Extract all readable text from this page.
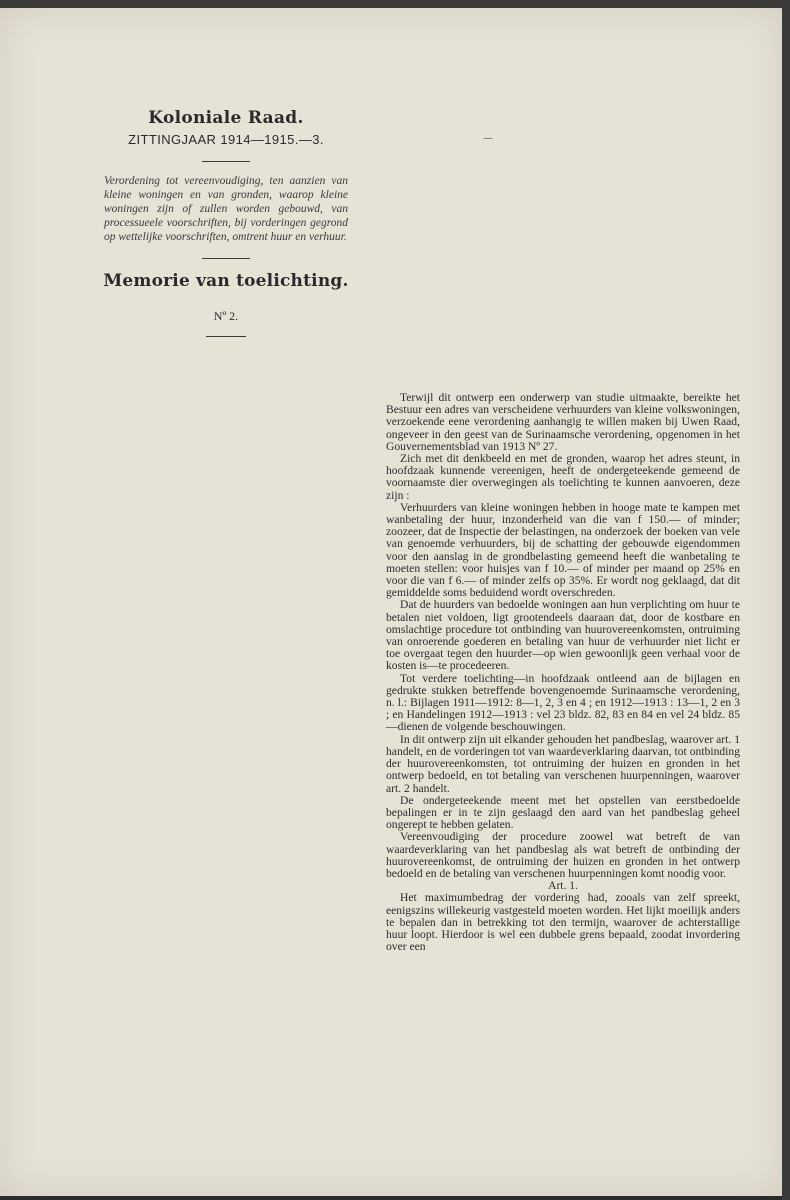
—
Koloniale Raad.
ZITTINGJAAR 1914—1915.—3.
Verordening tot vereenvoudiging, ten aanzien van kleine woningen en van gronden, waarop kleine woningen zijn of zullen worden gebouwd, van processueele voorschriften, bij vorderingen gegrond op wettelijke voorschriften, omtrent huur en verhuur.
Memorie van toelichting.
Nº 2.

Terwijl dit ontwerp een onderwerp van studie uitmaakte, bereikte het Bestuur een adres van verscheidene verhuurders van kleine volkswoningen, verzoekende eene verordening aanhangig te willen maken bij Uwen Raad, ongeveer in den geest van de Surinaamsche verordening, opgenomen in het Gouvernementsblad van 1913 Nº 27.

Zich met dit denkbeeld en met de gronden, waarop het adres steunt, in hoofdzaak kunnende vereenigen, heeft de ondergeteekende gemeend de voornaamste dier overwegingen als toelichting te kunnen aanvoeren, deze zijn :

Verhuurders van kleine woningen hebben in hooge mate te kampen met wanbetaling der huur, inzonderheid van die van f 150.— of minder; zoozeer, dat de Inspectie der belastingen, na onderzoek der boeken van vele van genoemde verhuurders, bij de schatting der gebouwde eigendommen voor den aanslag in de grondbelasting gemeend heeft die wanbetaling te moeten stellen: voor huisjes van f 10.— of minder per maand op 25% en voor die van f 6.— of minder zelfs op 35%. Er wordt nog geklaagd, dat dit gemiddelde soms beduidend wordt overschreden.

Dat de huurders van bedoelde woningen aan hun verplichting om huur te betalen niet voldoen, ligt grootendeels daaraan dat, door de kostbare en omslachtige procedure tot ontbinding van huurovereenkomsten, ontruiming van onroerende goederen en betaling van huur de verhuurder niet licht er toe overgaat tegen den huurder—op wien gewoonlijk geen verhaal voor de kosten is—te procedeeren.

Tot verdere toelichting—in hoofdzaak ontleend aan de bijlagen en gedrukte stukken betreffende bovengenoemde Surinaamsche verordening, n. l.: Bijlagen 1911—1912: 8—1, 2, 3 en 4 ; en 1912—1913 : 13—1, 2 en 3 ; en Handelingen 1912—1913 : vel 23 bldz. 82, 83 en 84 en vel 24 bldz. 85—dienen de volgende beschouwingen.

In dit ontwerp zijn uit elkander gehouden het pandbeslag, waarover art. 1 handelt, en de vorderingen tot van waardeverklaring daarvan, tot ontbinding der huurovereenkomsten, tot ontruiming der huizen en gronden in het ontwerp bedoeld, en tot betaling van verschenen huurpenningen, waarover art. 2 handelt.

De ondergeteekende meent met het opstellen van eerstbedoelde bepalingen er in te zijn geslaagd den aard van het pandbeslag geheel ongerept te hebben gelaten.

Vereenvoudiging der procedure zoowel wat betreft de van waardeverklaring van het pandbeslag als wat betreft de ontbinding der huurovereenkomst, de ontruiming der huizen en gronden in het ontwerp bedoeld en de betaling van verschenen huurpenningen komt noodig voor.

Art. 1.

Het maximumbedrag der vordering had, zooals van zelf spreekt, eenigszins willekeurig vastgesteld moeten worden. Het lijkt moeilijk anders te bepalen dan in betrekking tot den termijn, waarover de achterstallige huur loopt. Hierdoor is wel een dubbele grens bepaald, zoodat invordering over een
